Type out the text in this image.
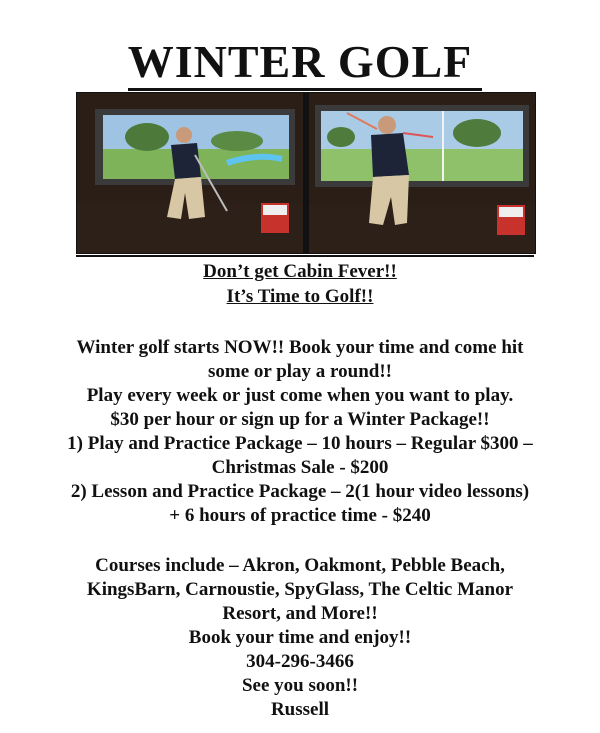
WINTER GOLF
Don’t get Cabin Fever!!
It’s Time to Golf!!
Winter golf starts NOW!! Book your time and come hit
some or play a round!!
Play every week or just come when you want to play.
$30 per hour or sign up for a Winter Package!!
1) Play and Practice Package – 10 hours – Regular $300 –
Christmas Sale - $200
2) Lesson and Practice Package – 2(1 hour video lessons)
+ 6 hours of practice time - $240
Courses include – Akron, Oakmont, Pebble Beach,
KingsBarn, Carnoustie, SpyGlass, The Celtic Manor
Resort, and More!!
Book your time and enjoy!!
304-296-3466
See you soon!!
Russell
